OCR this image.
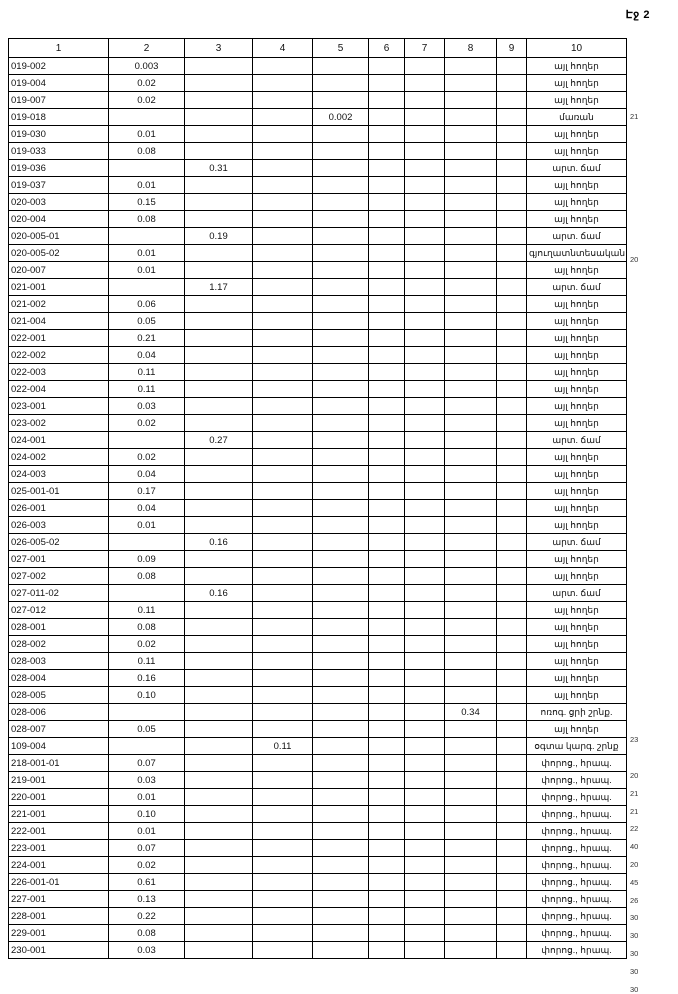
Էջ 2
1	2	3	4	5	6	7	8	9	10
019-002	0.003								այլ հողեր
019-004	0.02								այլ հողեր
019-007	0.02								այլ հողեր
019-018				0.002					մառան
019-030	0.01								այլ հողեր
019-033	0.08								այլ հողեր
019-036		0.31							արտ. ճամ
019-037	0.01								այլ հողեր
020-003	0.15								այլ հողեր
020-004	0.08								այլ հողեր
020-005-01		0.19							արտ. ճամ
020-005-02	0.01								գյուղատնտեսական
020-007	0.01								այլ հողեր
021-001		1.17							արտ. ճամ
021-002	0.06								այլ հողեր
021-004	0.05								այլ հողեր
022-001	0.21								այլ հողեր
022-002	0.04								այլ հողեր
022-003	0.11								այլ հողեր
022-004	0.11								այլ հողեր
023-001	0.03								այլ հողեր
023-002	0.02								այլ հողեր
024-001		0.27							արտ. ճամ
024-002	0.02								այլ հողեր
024-003	0.04								այլ հողեր
025-001-01	0.17								այլ հողեր
026-001	0.04								այլ հողեր
026-003	0.01								այլ հողեր
026-005-02		0.16							արտ. ճամ
027-001	0.09								այլ հողեր
027-002	0.08								այլ հողեր
027-011-02		0.16							արտ. ճամ
027-012	0.11								այլ հողեր
028-001	0.08								այլ հողեր
028-002	0.02								այլ հողեր
028-003	0.11								այլ հողեր
028-004	0.16								այլ հողեր
028-005	0.10								այլ հողեր
028-006							0.34		ոռոգ. ցրի շրնք.
028-007	0.05								այլ հողեր
109-004			0.11						օգտա կարգ. շրնք
218-001-01	0.07								փորոց., հրապ.
219-001	0.03								փորոց., հրապ.
220-001	0.01								փորոց., հրապ.
221-001	0.10								փորոց., հրապ.
222-001	0.01								փորոց., հրապ.
223-001	0.07								փորոց., հրապ.
224-001	0.02								փորոց., հրապ.
226-001-01	0.61								փորոց., հրապ.
227-001	0.13								փորոց., հրապ.
228-001	0.22								փորոց., հրապ.
229-001	0.08								փորոց., հրապ.
230-001	0.03								փորոց., հրապ.
21
20
23
20
21
21
22
40
20
45
26
30
30
30
30
30
